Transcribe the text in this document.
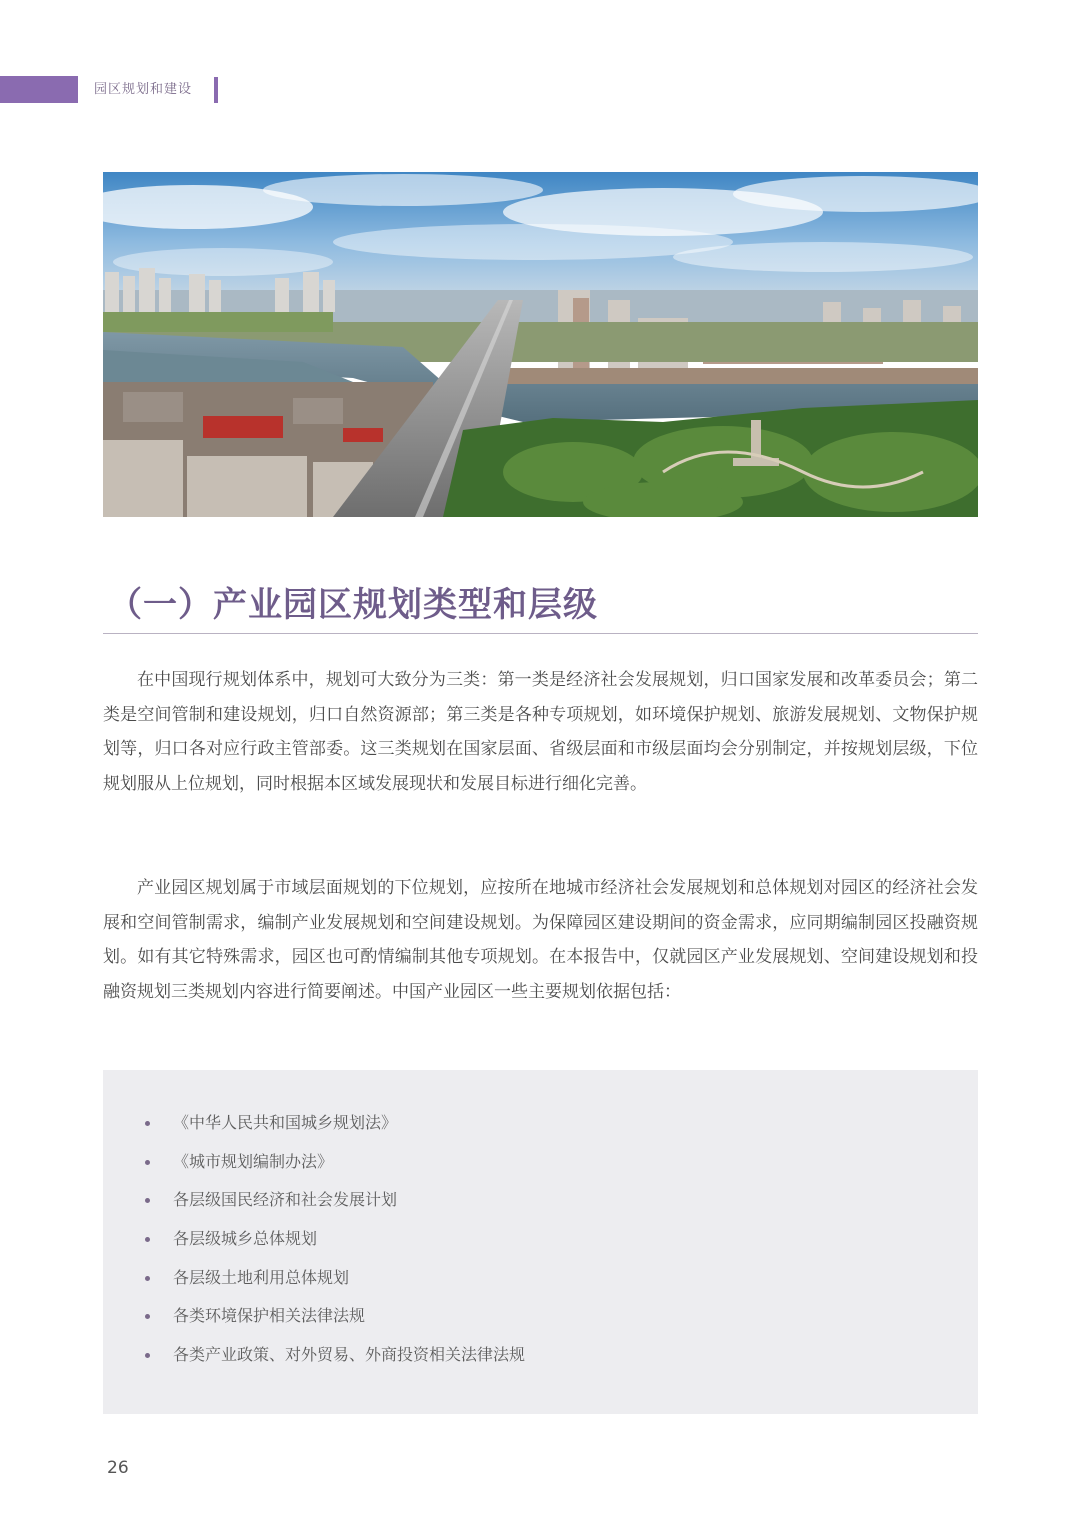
园区规划和建设
（一）产业园区规划类型和层级

在中国现行规划体系中，规划可大致分为三类：第一类是经济社会发展规划，归口国家发展和改革委员会；第二类是空间管制和建设规划，归口自然资源部；第三类是各种专项规划，如环境保护规划、旅游发展规划、文物保护规划等，归口各对应行政主管部委。这三类规划在国家层面、省级层面和市级层面均会分别制定，并按规划层级，下位规划服从上位规划，同时根据本区域发展现状和发展目标进行细化完善。

产业园区规划属于市域层面规划的下位规划，应按所在地城市经济社会发展规划和总体规划对园区的经济社会发展和空间管制需求，编制产业发展规划和空间建设规划。为保障园区建设期间的资金需求，应同期编制园区投融资规划。如有其它特殊需求，园区也可酌情编制其他专项规划。在本报告中，仅就园区产业发展规划、空间建设规划和投融资规划三类规划内容进行简要阐述。中国产业园区一些主要规划依据包括：

《中华人民共和国城乡规划法》
《城市规划编制办法》
各层级国民经济和社会发展计划
各层级城乡总体规划
各层级土地利用总体规划
各类环境保护相关法律法规
各类产业政策、对外贸易、外商投资相关法律法规
26
